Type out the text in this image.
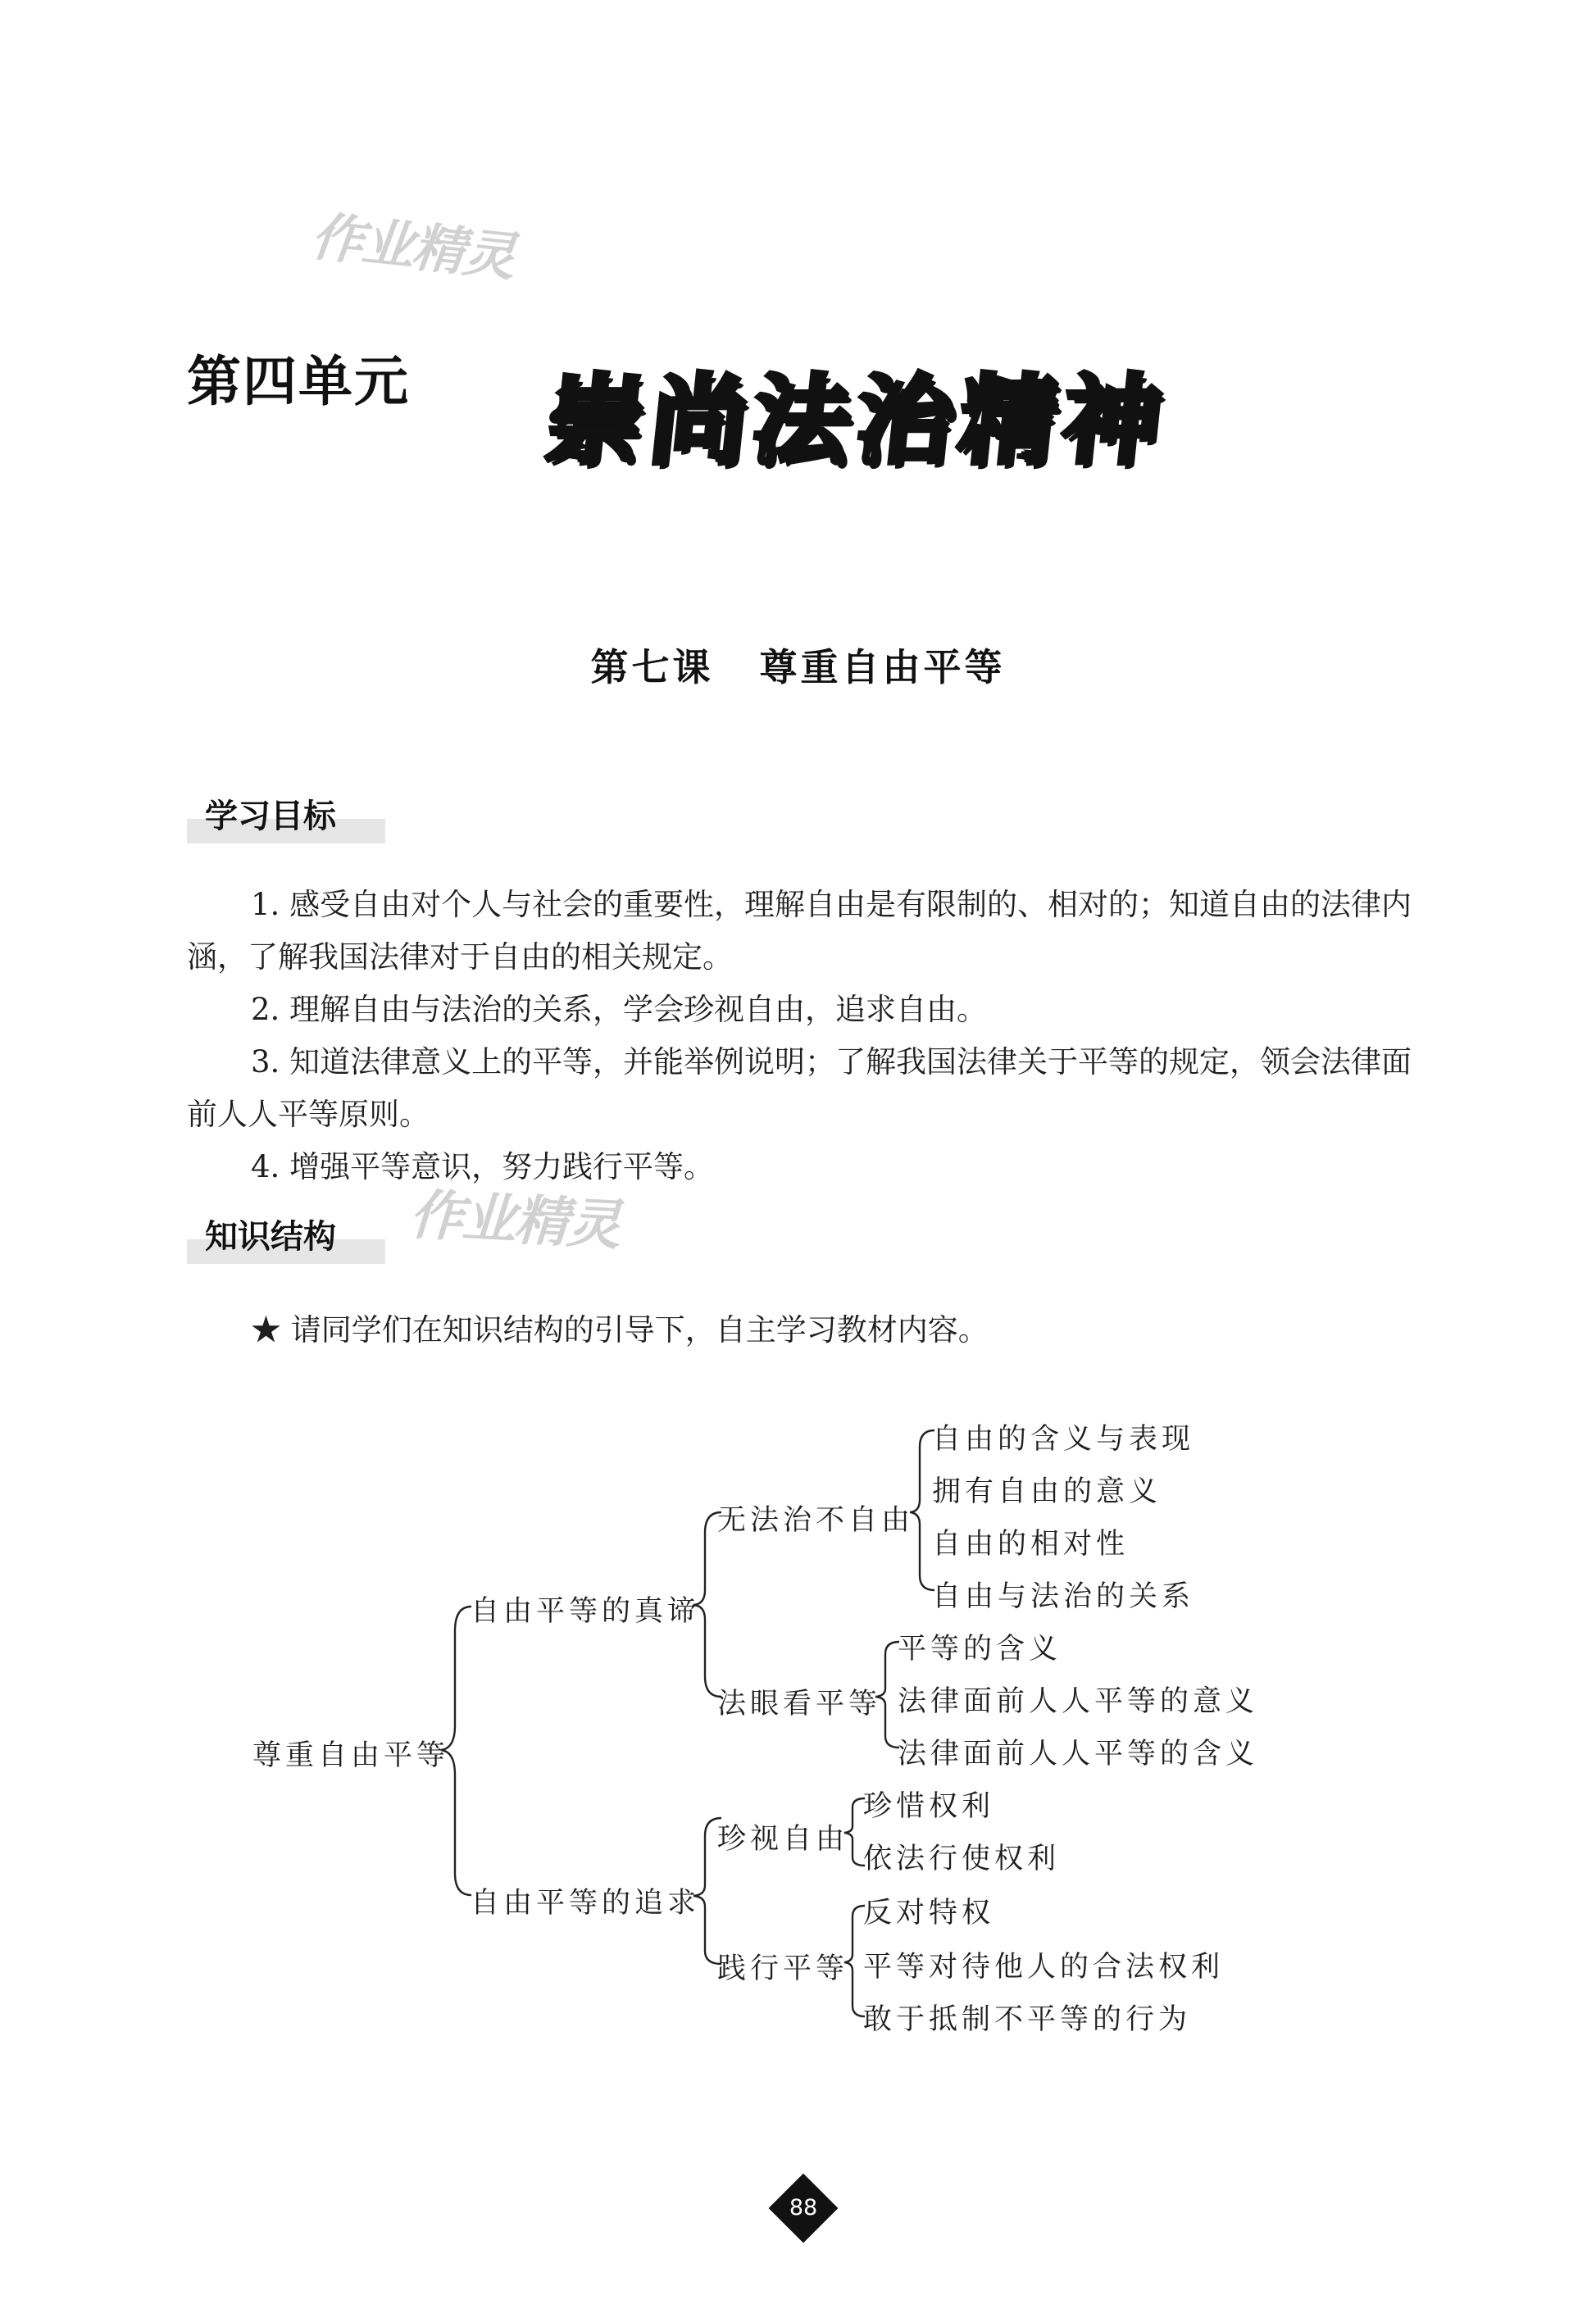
作业精灵
作业精灵
第四单元 崇尚法治精神
第七课 尊重自由平等
学习目标

1. 感受自由对个人与社会的重要性，理解自由是有限制的、相对的；知道自由的法律内涵，了解我国法律对于自由的相关规定。

2. 理解自由与法治的关系，学会珍视自由，追求自由。

3. 知道法律意义上的平等，并能举例说明；了解我国法律关于平等的规定，领会法律面前人人平等原则。

4. 增强平等意识，努力践行平等。

知识结构
★ 请同学们在知识结构的引导下，自主学习教材内容。
尊重自由平等
自由平等的真谛
自由平等的追求
无法治不自由
法眼看平等
珍视自由
践行平等
自由的含义与表现
拥有自由的意义
自由的相对性
自由与法治的关系
平等的含义
法律面前人人平等的意义
法律面前人人平等的含义
珍惜权利
依法行使权利
反对特权
平等对待他人的合法权利
敢于抵制不平等的行为
88
